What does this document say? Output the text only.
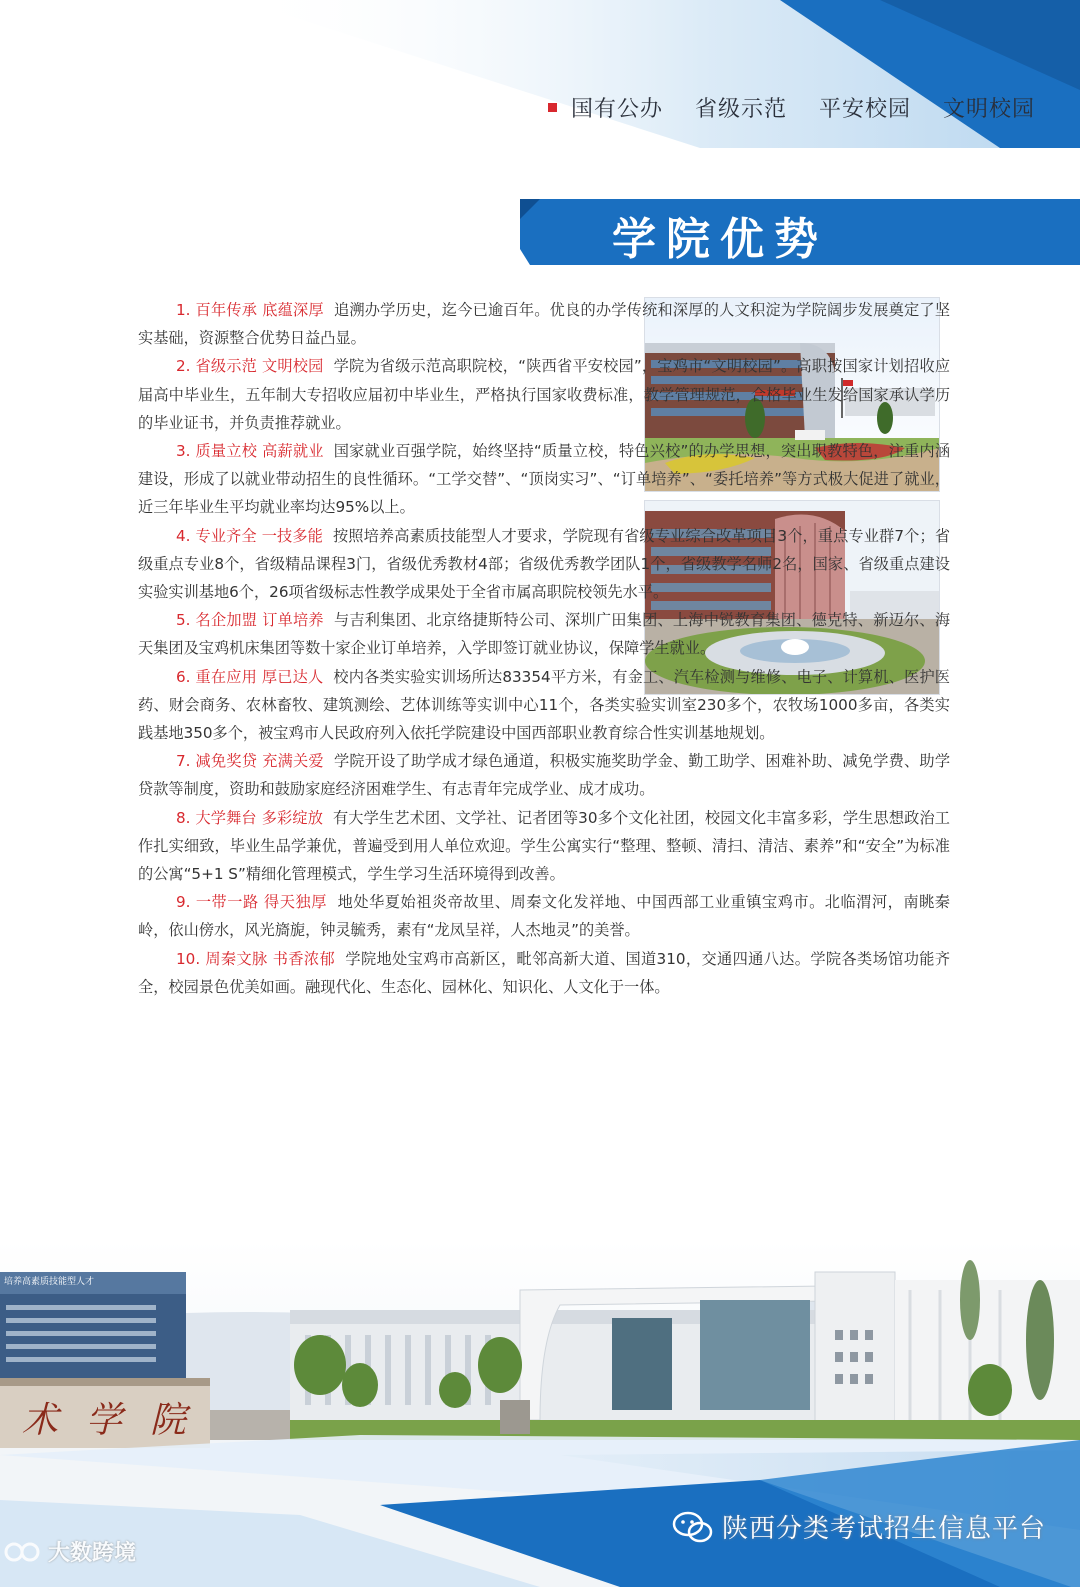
国有公办  省级示范  平安校园  文明校园
学院优势

1. 百年传承 底蕴深厚 追溯办学历史，迄今已逾百年。优良的办学传统和深厚的人文积淀为学院阔步发展奠定了坚实基础，资源整合优势日益凸显。

2. 省级示范 文明校园 学院为省级示范高职院校，“陕西省平安校园”，宝鸡市“文明校园”。高职按国家计划招收应届高中毕业生，五年制大专招收应届初中毕业生，严格执行国家收费标准，教学管理规范，合格毕业生发给国家承认学历的毕业证书，并负责推荐就业。

3. 质量立校 高薪就业 国家就业百强学院，始终坚持“质量立校，特色兴校”的办学思想，突出职教特色，注重内涵建设，形成了以就业带动招生的良性循环。“工学交替”、“顶岗实习”、“订单培养”、“委托培养”等方式极大促进了就业，近三年毕业生平均就业率均达95%以上。

4. 专业齐全 一技多能 按照培养高素质技能型人才要求，学院现有省级专业综合改革项目3个，重点专业群7个；省级重点专业8个，省级精品课程3门，省级优秀教材4部；省级优秀教学团队1个，省级教学名师2名，国家、省级重点建设实验实训基地6个，26项省级标志性教学成果处于全省市属高职院校领先水平。

5. 名企加盟 订单培养 与吉利集团、北京络捷斯特公司、深圳广田集团、上海中锐教育集团、德克特、新迈尔、海天集团及宝鸡机床集团等数十家企业订单培养，入学即签订就业协议，保障学生就业。

6. 重在应用 厚已达人 校内各类实验实训场所达83354平方米，有金工、汽车检测与维修、电子、计算机、医护医药、财会商务、农林畜牧、建筑测绘、艺体训练等实训中心11个，各类实验实训室230多个，农牧场1000多亩，各类实践基地350多个，被宝鸡市人民政府列入依托学院建设中国西部职业教育综合性实训基地规划。

7. 减免奖贷 充满关爱 学院开设了助学成才绿色通道，积极实施奖助学金、勤工助学、困难补助、减免学费、助学贷款等制度，资助和鼓励家庭经济困难学生、有志青年完成学业、成才成功。

8. 大学舞台 多彩绽放 有大学生艺术团、文学社、记者团等30多个文化社团，校园文化丰富多彩，学生思想政治工作扎实细致，毕业生品学兼优，普遍受到用人单位欢迎。学生公寓实行“整理、整顿、清扫、清洁、素养”和“安全”为标准的公寓“5+1 S”精细化管理模式，学生学习生活环境得到改善。

9. 一带一路 得天独厚 地处华夏始祖炎帝故里、周秦文化发祥地、中国西部工业重镇宝鸡市。北临渭河，南眺秦岭，依山傍水，风光旖旎，钟灵毓秀，素有“龙凤呈祥，人杰地灵”的美誉。

10. 周秦文脉 书香浓郁 学院地处宝鸡市高新区，毗邻高新大道、国道310，交通四通八达。学院各类场馆功能齐全，校园景色优美如画。融现代化、生态化、园林化、知识化、人文化于一体。

培养高素质技能型人才
术学院
大数跨境
陕西分类考试招生信息平台
